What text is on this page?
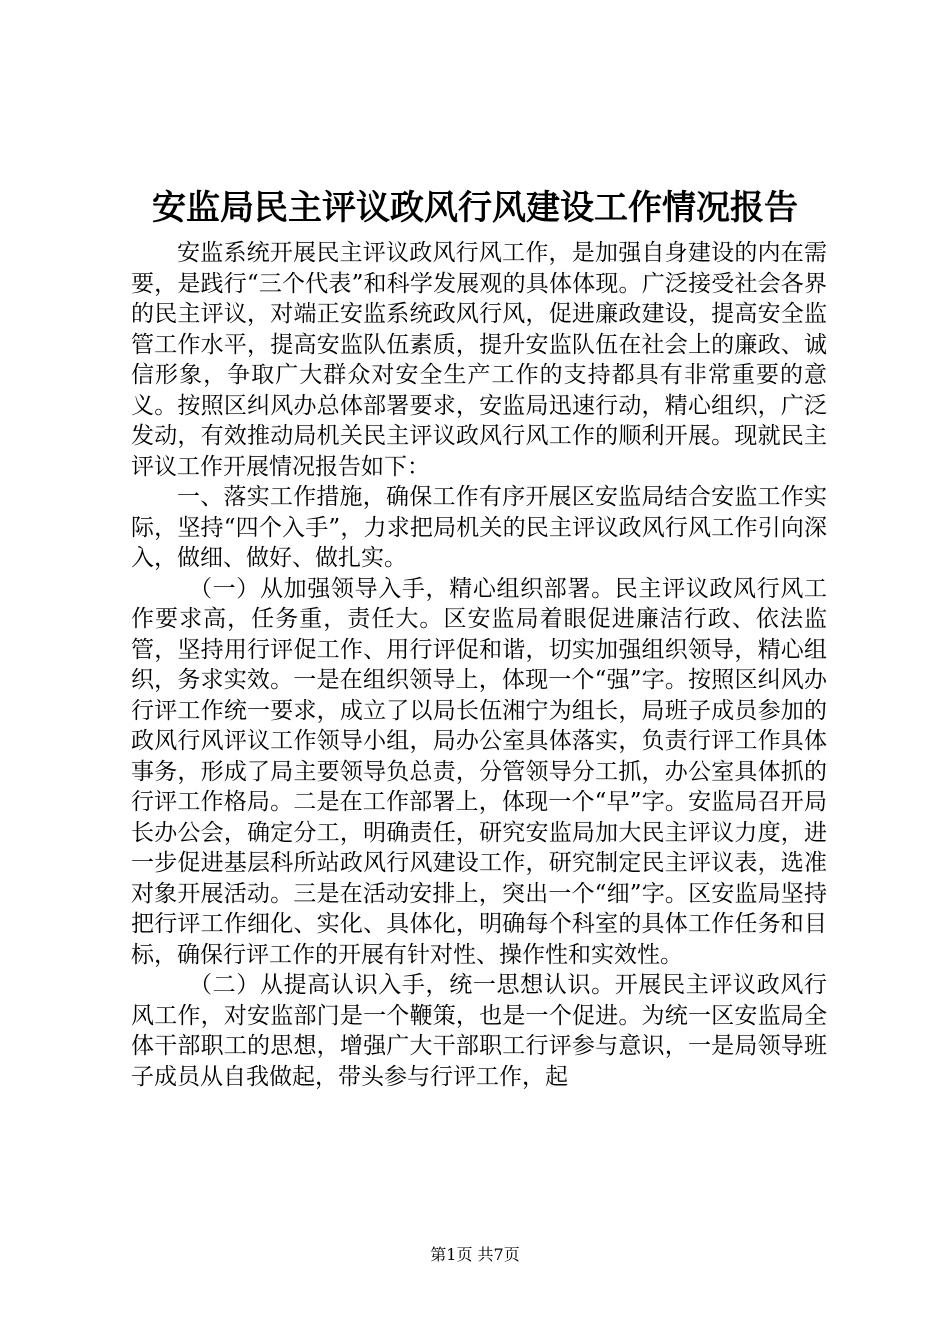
安监局民主评议政风行风建设工作情况报告

安监系统开展民主评议政风行风工作，是加强自身建设的内在需要，是践行“三个代表”和科学发展观的具体体现。广泛接受社会各界的民主评议，对端正安监系统政风行风，促进廉政建设，提高安全监管工作水平，提高安监队伍素质，提升安监队伍在社会上的廉政、诚信形象，争取广大群众对安全生产工作的支持都具有非常重要的意义。按照区纠风办总体部署要求，安监局迅速行动，精心组织，广泛发动，有效推动局机关民主评议政风行风工作的顺利开展。现就民主评议工作开展情况报告如下：

一、落实工作措施，确保工作有序开展区安监局结合安监工作实际，坚持“四个入手”，力求把局机关的民主评议政风行风工作引向深入，做细、做好、做扎实。

（一）从加强领导入手，精心组织部署。民主评议政风行风工作要求高，任务重，责任大。区安监局着眼促进廉洁行政、依法监管，坚持用行评促工作、用行评促和谐，切实加强组织领导，精心组织，务求实效。一是在组织领导上，体现一个“强”字。按照区纠风办行评工作统一要求，成立了以局长伍湘宁为组长，局班子成员参加的政风行风评议工作领导小组，局办公室具体落实，负责行评工作具体事务，形成了局主要领导负总责，分管领导分工抓，办公室具体抓的行评工作格局。二是在工作部署上，体现一个“早”字。安监局召开局长办公会，确定分工，明确责任，研究安监局加大民主评议力度，进一步促进基层科所站政风行风建设工作，研究制定民主评议表，选准对象开展活动。三是在活动安排上，突出一个“细”字。区安监局坚持把行评工作细化、实化、具体化，明确每个科室的具体工作任务和目标，确保行评工作的开展有针对性、操作性和实效性。

（二）从提高认识入手，统一思想认识。开展民主评议政风行风工作，对安监部门是一个鞭策，也是一个促进。为统一区安监局全体干部职工的思想，增强广大干部职工行评参与意识，一是局领导班子成员从自我做起，带头参与行评工作，起

第1页 共7页
